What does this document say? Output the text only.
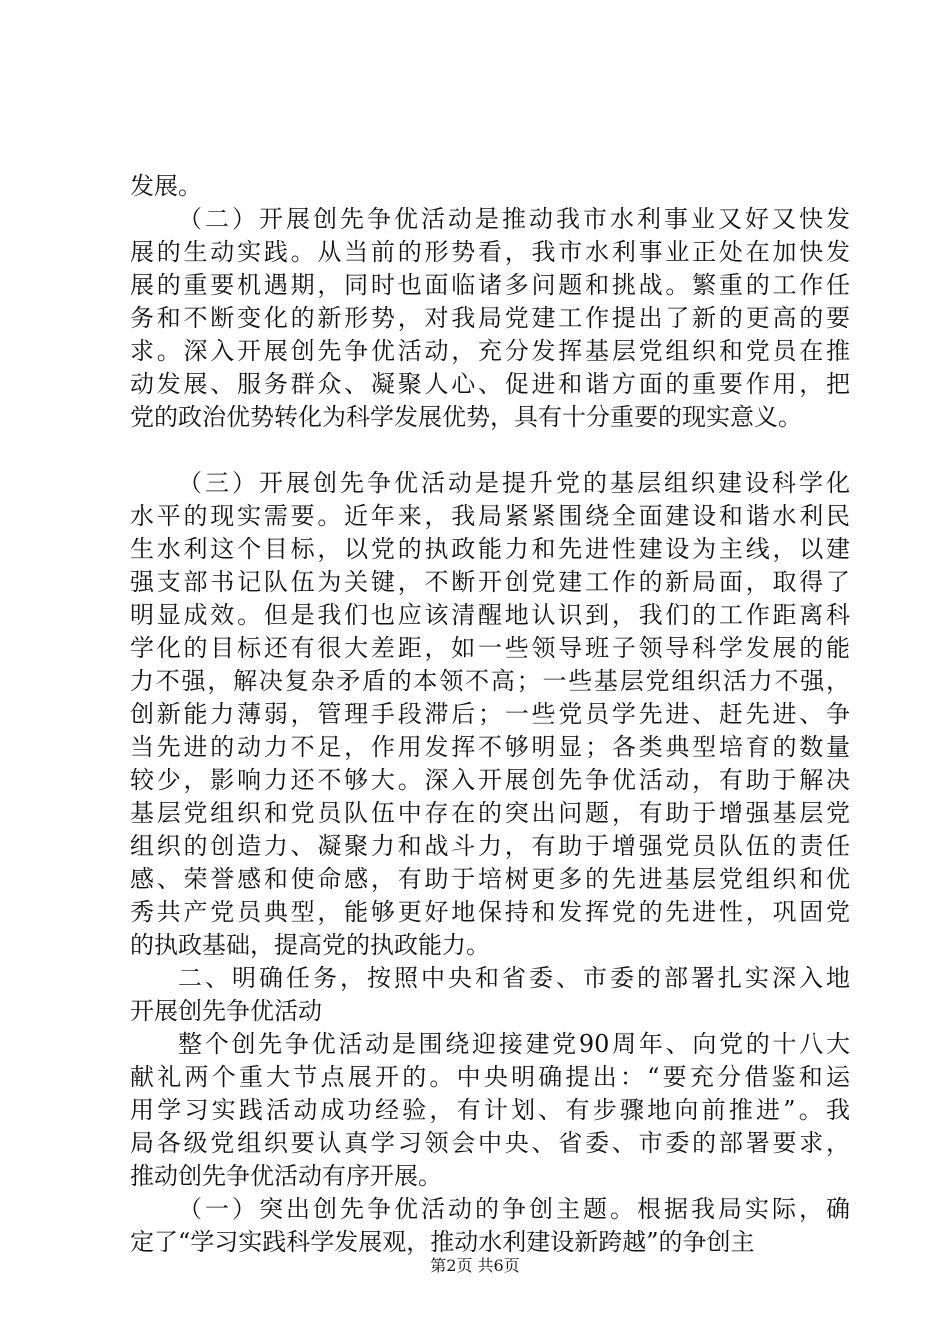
发展。
（二）开展创先争优活动是推动我市水利事业又好又快发
展的生动实践。从当前的形势看，我市水利事业正处在加快发
展的重要机遇期，同时也面临诸多问题和挑战。繁重的工作任
务和不断变化的新形势，对我局党建工作提出了新的更高的要
求。深入开展创先争优活动，充分发挥基层党组织和党员在推
动发展、服务群众、凝聚人心、促进和谐方面的重要作用，把
党的政治优势转化为科学发展优势，具有十分重要的现实意义。
（三）开展创先争优活动是提升党的基层组织建设科学化
水平的现实需要。近年来，我局紧紧围绕全面建设和谐水利民
生水利这个目标，以党的执政能力和先进性建设为主线，以建
强支部书记队伍为关键，不断开创党建工作的新局面，取得了
明显成效。但是我们也应该清醒地认识到，我们的工作距离科
学化的目标还有很大差距，如一些领导班子领导科学发展的能
力不强，解决复杂矛盾的本领不高；一些基层党组织活力不强，
创新能力薄弱，管理手段滞后；一些党员学先进、赶先进、争
当先进的动力不足，作用发挥不够明显；各类典型培育的数量
较少，影响力还不够大。深入开展创先争优活动，有助于解决
基层党组织和党员队伍中存在的突出问题，有助于增强基层党
组织的创造力、凝聚力和战斗力，有助于增强党员队伍的责任
感、荣誉感和使命感，有助于培树更多的先进基层党组织和优
秀共产党员典型，能够更好地保持和发挥党的先进性，巩固党
的执政基础，提高党的执政能力。
二、明确任务，按照中央和省委、市委的部署扎实深入地
开展创先争优活动
整个创先争优活动是围绕迎接建党90周年、向党的十八大
献礼两个重大节点展开的。中央明确提出：“要充分借鉴和运
用学习实践活动成功经验，有计划、有步骤地向前推进”。我
局各级党组织要认真学习领会中央、省委、市委的部署要求，
推动创先争优活动有序开展。
（一）突出创先争优活动的争创主题。根据我局实际，确
定了“学习实践科学发展观，推动水利建设新跨越”的争创主
第2页 共6页
